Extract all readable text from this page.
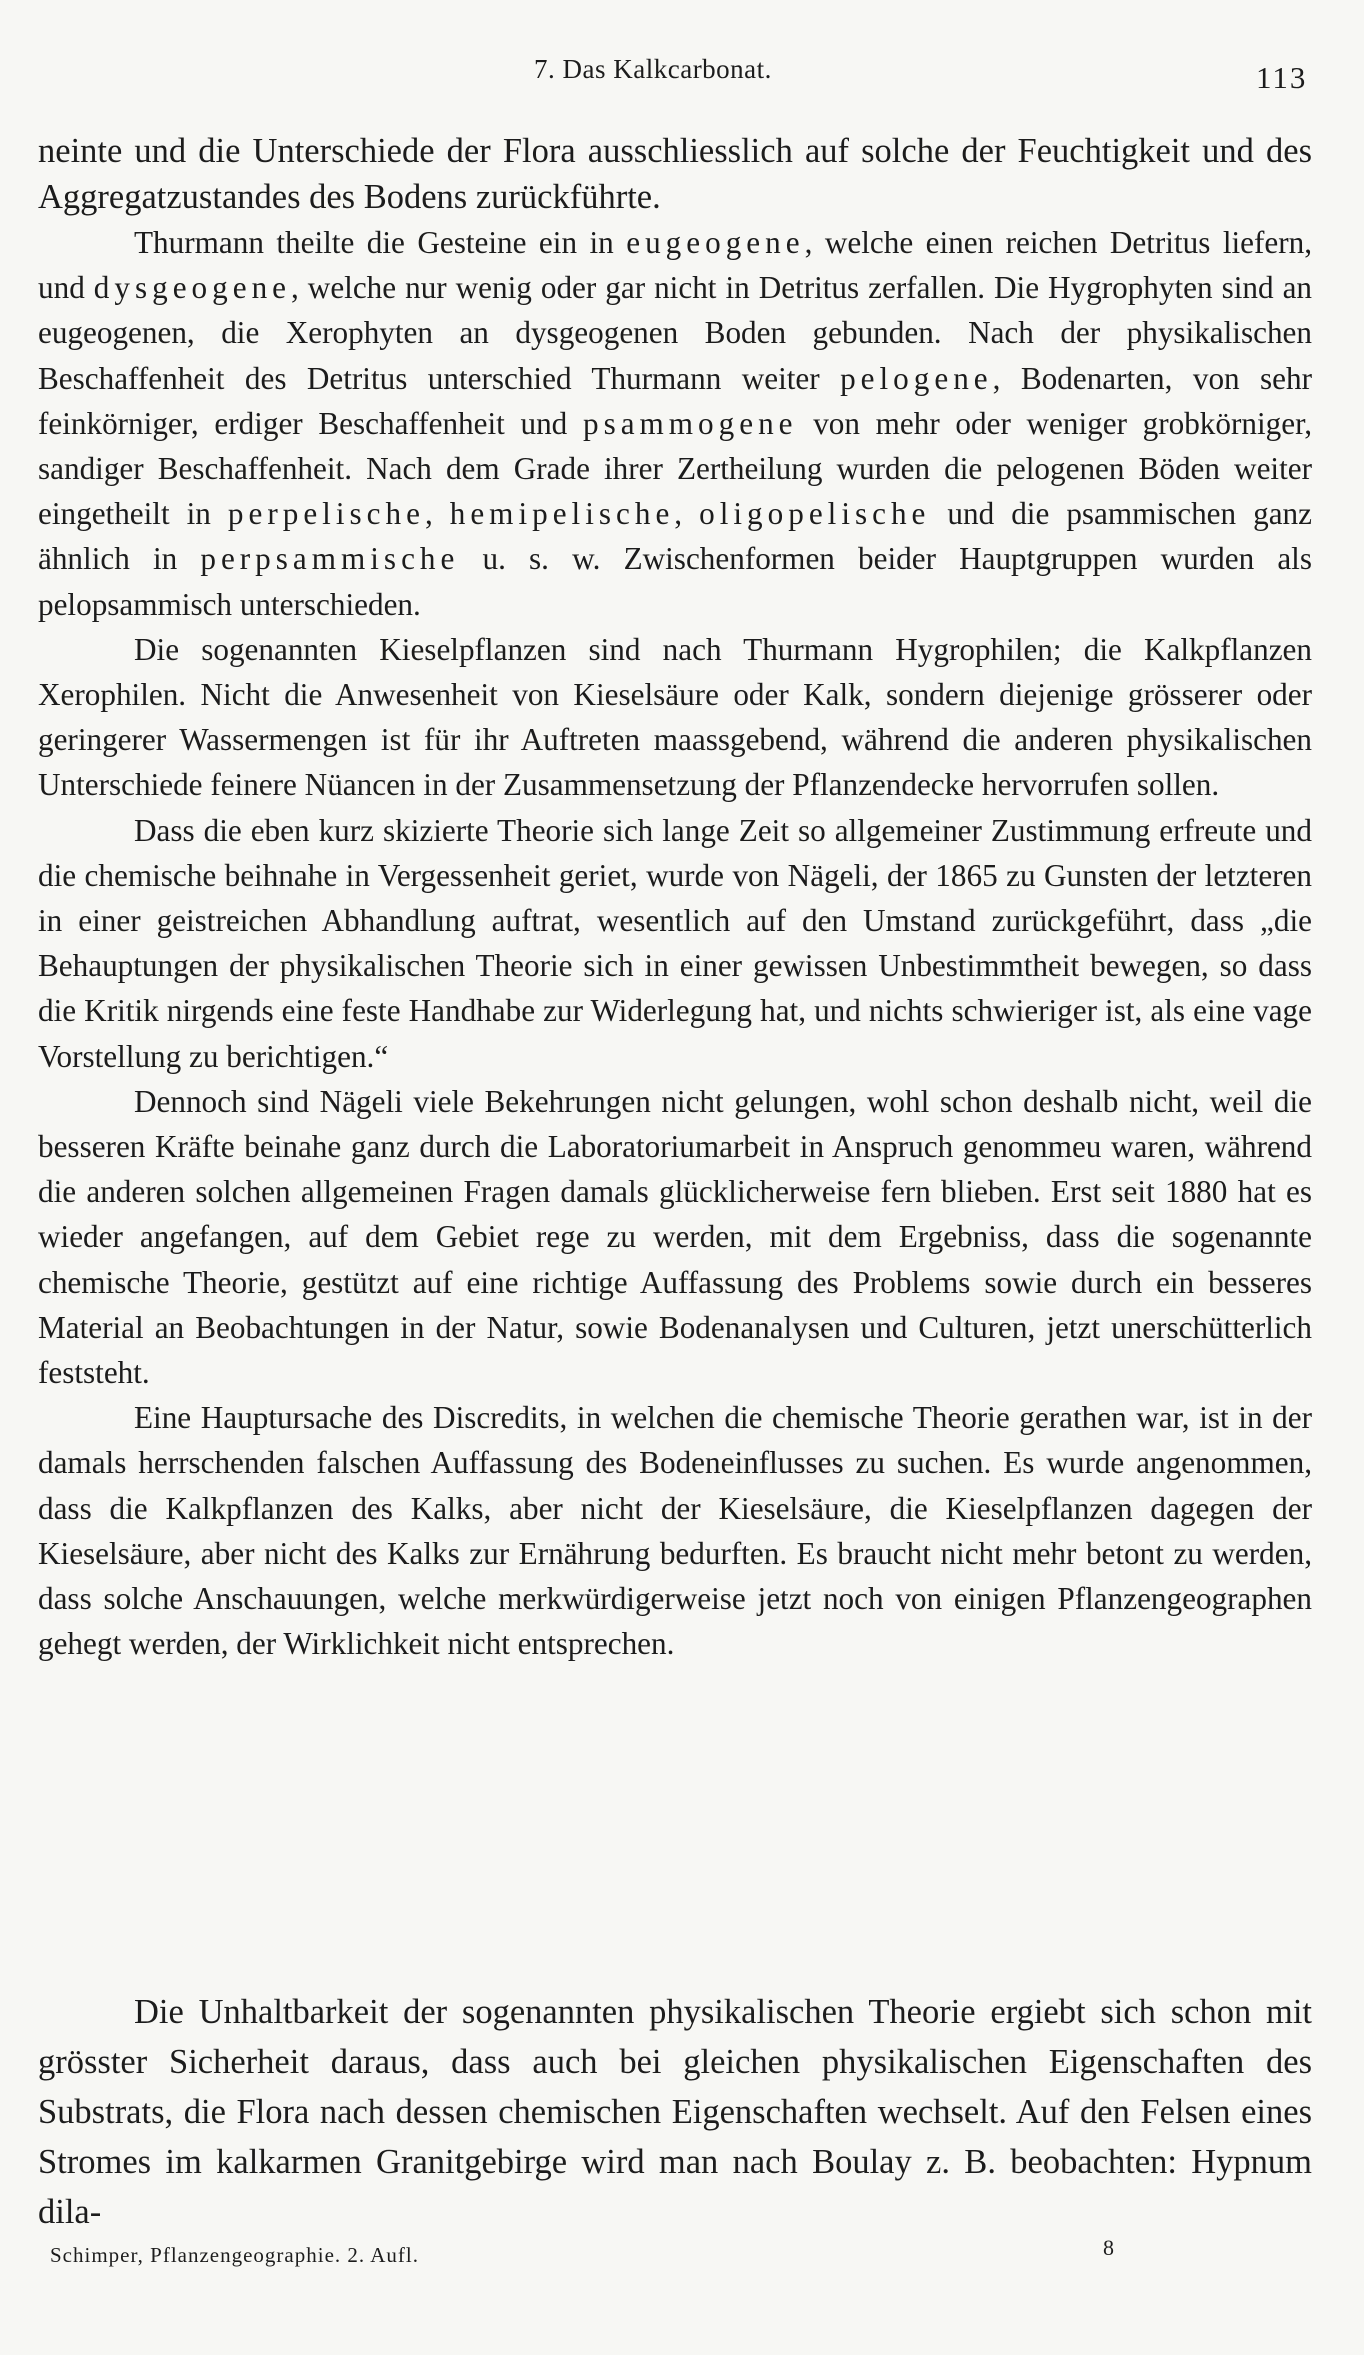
7. Das Kalkcarbonat.	113

neinte und die Unterschiede der Flora ausschliesslich auf solche der Feuchtigkeit und des Aggregatzustandes des Bodens zurückführte.

Thurmann theilte die Gesteine ein in eugeogene, welche einen reichen Detritus liefern, und dysgeogene, welche nur wenig oder gar nicht in Detritus zerfallen. Die Hygrophyten sind an eugeogenen, die Xerophyten an dysgeogenen Boden gebunden. Nach der physikalischen Beschaffenheit des Detritus unterschied Thurmann weiter pelogene, Bodenarten, von sehr feinkörniger, erdiger Beschaffenheit und psammogene von mehr oder weniger grobkörniger, sandiger Beschaffenheit. Nach dem Grade ihrer Zertheilung wurden die pelogenen Böden weiter eingetheilt in perpelische, hemipelische, oligopelische und die psammischen ganz ähnlich in perpsammische u. s. w. Zwischenformen beider Hauptgruppen wurden als pelopsammisch unterschieden.

Die sogenannten Kieselpflanzen sind nach Thurmann Hygrophilen; die Kalkpflanzen Xerophilen. Nicht die Anwesenheit von Kieselsäure oder Kalk, sondern diejenige grösserer oder geringerer Wassermengen ist für ihr Auftreten maassgebend, während die anderen physikalischen Unterschiede feinere Nüancen in der Zusammensetzung der Pflanzendecke hervorrufen sollen.

Dass die eben kurz skizierte Theorie sich lange Zeit so allgemeiner Zustimmung erfreute und die chemische beihnahe in Vergessenheit geriet, wurde von Nägeli, der 1865 zu Gunsten der letzteren in einer geistreichen Abhandlung auftrat, wesentlich auf den Umstand zurückgeführt, dass „die Behauptungen der physikalischen Theorie sich in einer gewissen Unbestimmtheit bewegen, so dass die Kritik nirgends eine feste Handhabe zur Widerlegung hat, und nichts schwieriger ist, als eine vage Vorstellung zu berichtigen.“

Dennoch sind Nägeli viele Bekehrungen nicht gelungen, wohl schon deshalb nicht, weil die besseren Kräfte beinahe ganz durch die Laboratoriumarbeit in Anspruch genommeu waren, während die anderen solchen allgemeinen Fragen damals glücklicherweise fern blieben. Erst seit 1880 hat es wieder angefangen, auf dem Gebiet rege zu werden, mit dem Ergebniss, dass die sogenannte chemische Theorie, gestützt auf eine richtige Auffassung des Problems sowie durch ein besseres Material an Beobachtungen in der Natur, sowie Bodenanalysen und Culturen, jetzt unerschütterlich feststeht.

Eine Hauptursache des Discredits, in welchen die chemische Theorie gerathen war, ist in der damals herrschenden falschen Auffassung des Bodeneinflusses zu suchen. Es wurde angenommen, dass die Kalkpflanzen des Kalks, aber nicht der Kieselsäure, die Kieselpflanzen dagegen der Kieselsäure, aber nicht des Kalks zur Ernährung bedurften. Es braucht nicht mehr betont zu werden, dass solche Anschauungen, welche merkwürdigerweise jetzt noch von einigen Pflanzengeographen gehegt werden, der Wirklichkeit nicht entsprechen.

Die Unhaltbarkeit der sogenannten physikalischen Theorie ergiebt sich schon mit grösster Sicherheit daraus, dass auch bei gleichen physikalischen Eigenschaften des Substrats, die Flora nach dessen chemischen Eigenschaften wechselt. Auf den Felsen eines Stromes im kalkarmen Granitgebirge wird man nach Boulay z. B. beobachten: Hypnum dila-

Schimper, Pflanzengeographie. 2. Aufl.	8
